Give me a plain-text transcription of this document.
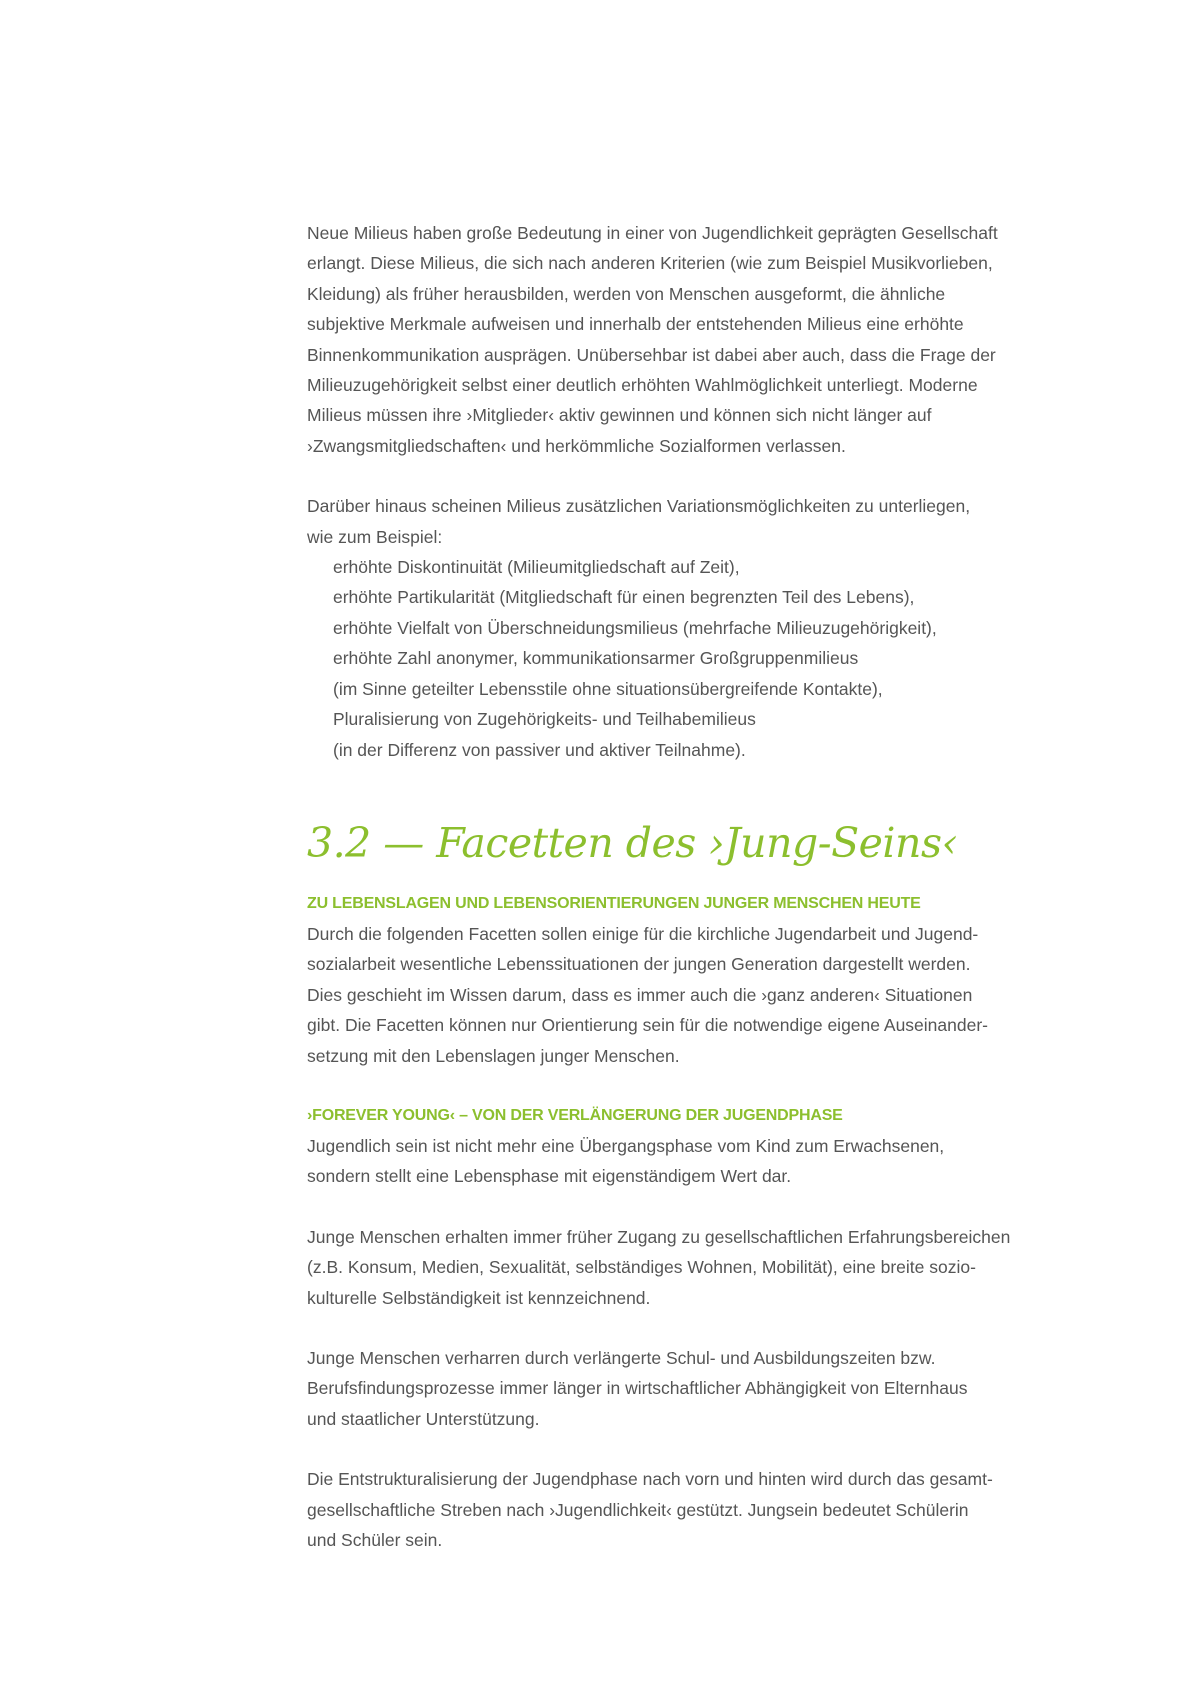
Neue Milieus haben große Bedeutung in einer von Jugendlichkeit geprägten Gesellschaft
erlangt. Diese Milieus, die sich nach anderen Kriterien (wie zum Beispiel Musikvorlieben,
Kleidung) als früher herausbilden, werden von Menschen ausgeformt, die ähnliche
subjektive Merkmale aufweisen und innerhalb der entstehenden Milieus eine erhöhte
Binnenkommunikation ausprägen. Unübersehbar ist dabei aber auch, dass die Frage der
Milieuzugehörigkeit selbst einer deutlich erhöhten Wahlmöglichkeit unterliegt. Moderne
Milieus müssen ihre ›Mitglieder‹ aktiv gewinnen und können sich nicht länger auf
›Zwangsmitgliedschaften‹ und herkömmliche Sozialformen verlassen.

Darüber hinaus scheinen Milieus zusätzlichen Variationsmöglichkeiten zu unterliegen,
wie zum Beispiel:

erhöhte Diskontinuität (Milieumitgliedschaft auf Zeit),
erhöhte Partikularität (Mitgliedschaft für einen begrenzten Teil des Lebens),
erhöhte Vielfalt von Überschneidungsmilieus (mehrfache Milieuzugehörigkeit),
erhöhte Zahl anonymer, kommunikationsarmer Großgruppenmilieus
(im Sinne geteilter Lebensstile ohne situationsübergreifende Kontakte),
Pluralisierung von Zugehörigkeits- und Teilhabemilieus
(in der Differenz von passiver und aktiver Teilnahme).
3.2 — Facetten des ›Jung-Seins‹
ZU LEBENSLAGEN UND LEBENSORIENTIERUNGEN JUNGER MENSCHEN HEUTE

Durch die folgenden Facetten sollen einige für die kirchliche Jugendarbeit und Jugend-
sozialarbeit wesentliche Lebenssituationen der jungen Generation dargestellt werden.
Dies geschieht im Wissen darum, dass es immer auch die ›ganz anderen‹ Situationen
gibt. Die Facetten können nur Orientierung sein für die notwendige eigene Auseinander-
setzung mit den Lebenslagen junger Menschen.

›FOREVER YOUNG‹ – VON DER VERLÄNGERUNG DER JUGENDPHASE

Jugendlich sein ist nicht mehr eine Übergangsphase vom Kind zum Erwachsenen,
sondern stellt eine Lebensphase mit eigenständigem Wert dar.

Junge Menschen erhalten immer früher Zugang zu gesellschaftlichen Erfahrungsbereichen
(z.B. Konsum, Medien, Sexualität, selbständiges Wohnen, Mobilität), eine breite sozio-
kulturelle Selbständigkeit ist kennzeichnend.

Junge Menschen verharren durch verlängerte Schul- und Ausbildungszeiten bzw.
Berufsfindungsprozesse immer länger in wirtschaftlicher Abhängigkeit von Elternhaus
und staatlicher Unterstützung.

Die Entstrukturalisierung der Jugendphase nach vorn und hinten wird durch das gesamt-
gesellschaftliche Streben nach ›Jugendlichkeit‹ gestützt. Jungsein bedeutet Schülerin
und Schüler sein.
